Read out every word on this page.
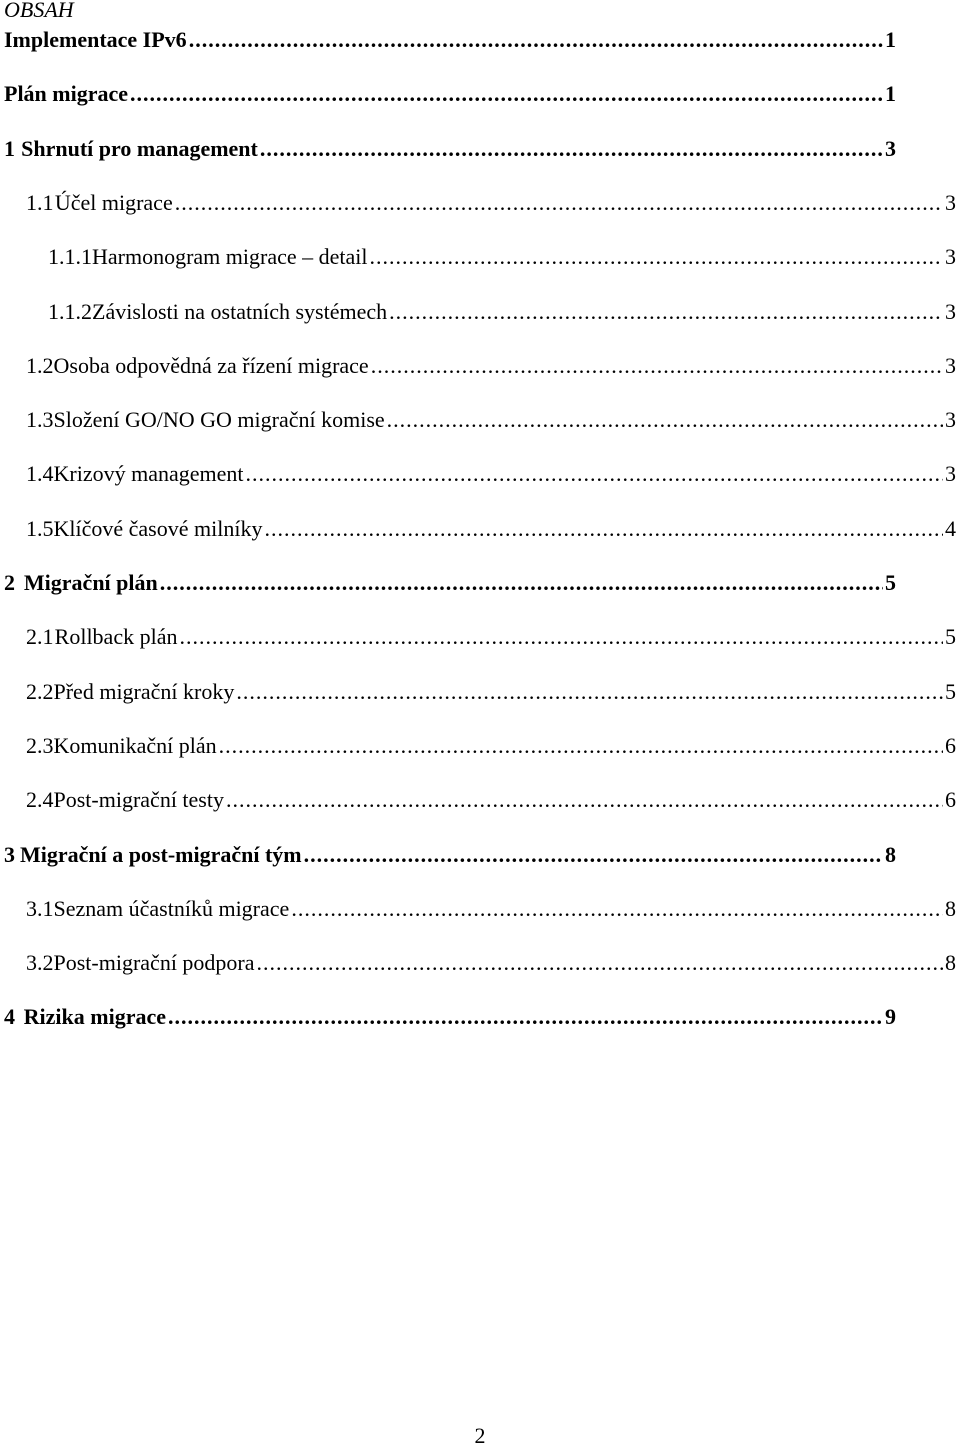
OBSAH
Implementace IPv6 .....	1
Plán migrace .....	1
1 Shrnutí pro management .....	3
1.1 Účel migrace .....	3
1.1.1 Harmonogram migrace – detail .....	3
1.1.2 Závislosti na ostatních systémech .....	3
1.2 Osoba odpovědná za řízení migrace .....	3
1.3 Složení GO/NO GO migrační komise .....	3
1.4 Krizový management .....	3
1.5 Klíčové časové milníky .....	4
2 Migrační plán .....	5
2.1 Rollback plán .....	5
2.2 Před migrační kroky .....	5
2.3 Komunikační plán .....	6
2.4 Post-migrační testy .....	6
3 Migrační a post-migrační tým .....	8
3.1 Seznam účastníků migrace .....	8
3.2 Post-migrační podpora .....	8
4 Rizika migrace .....	9
2
